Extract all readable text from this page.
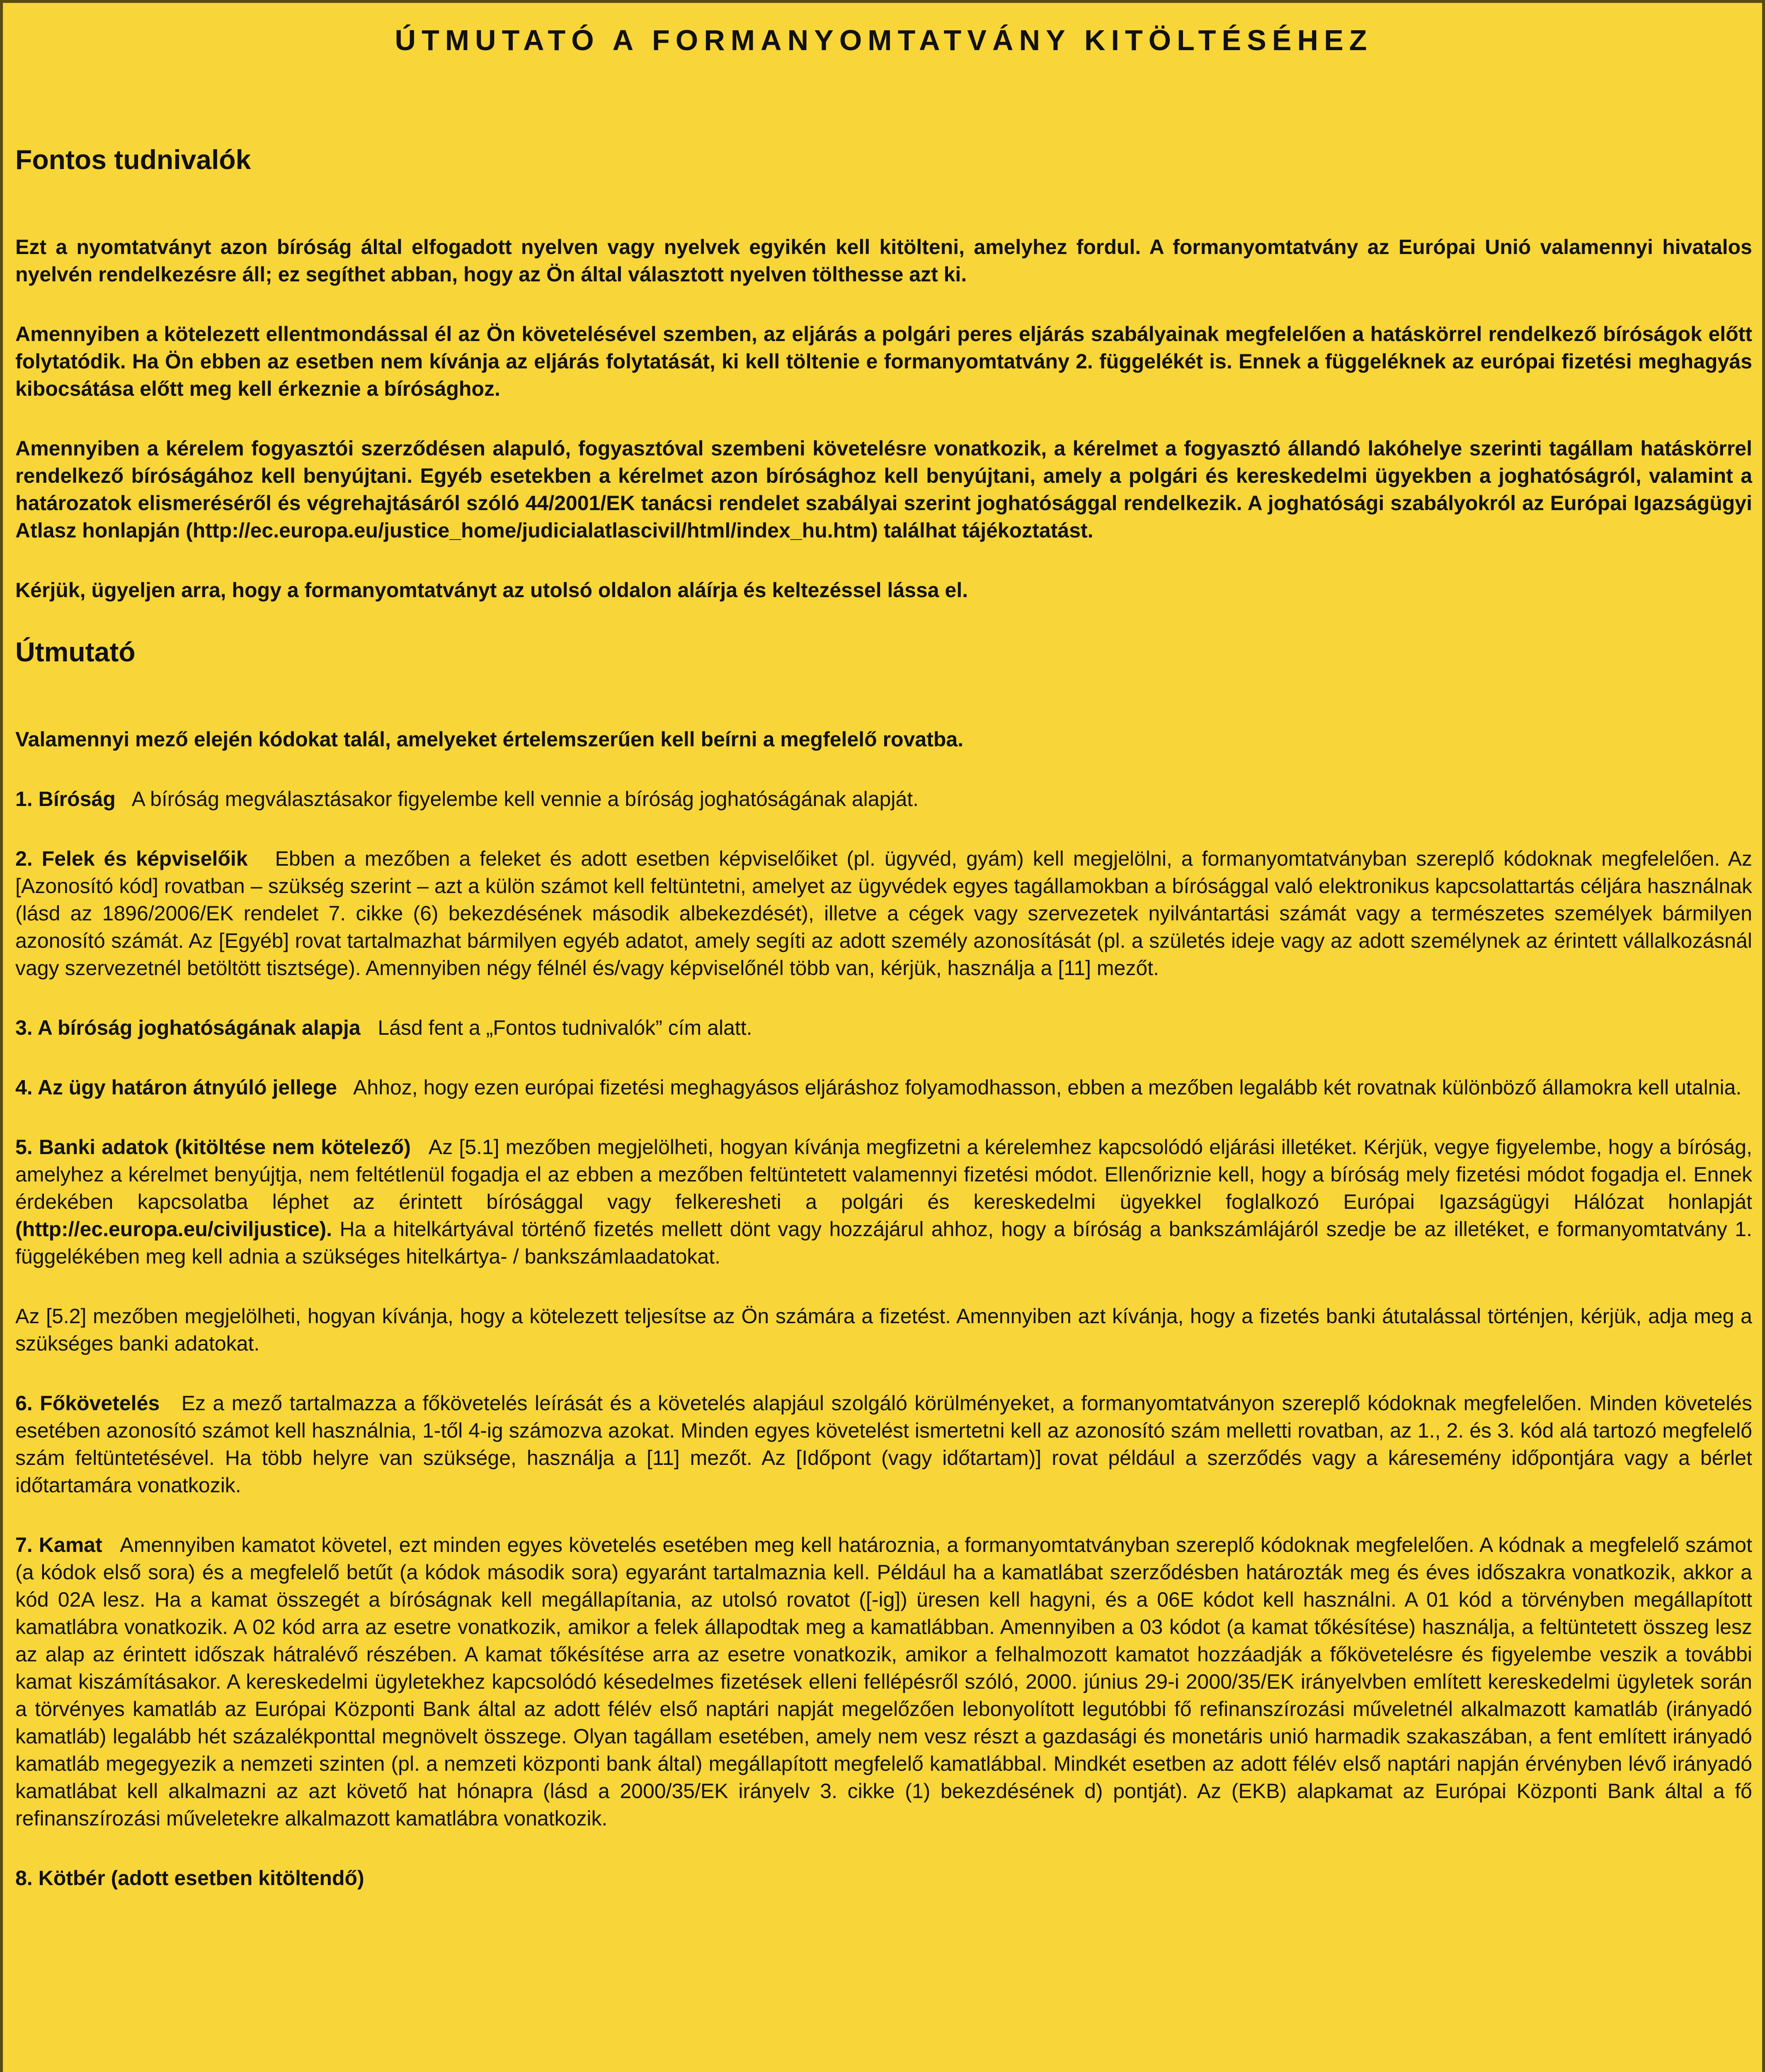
ÚTMUTATÓ A FORMANYOMTATVÁNY KITÖLTÉSÉHEZ
Fontos tudnivalók

Ezt a nyomtatványt azon bíróság által elfogadott nyelven vagy nyelvek egyikén kell kitölteni, amelyhez fordul. A formanyomtatvány az Európai Unió valamennyi hivatalos nyelvén rendelkezésre áll; ez segíthet abban, hogy az Ön által választott nyelven tölthesse azt ki.

Amennyiben a kötelezett ellentmondással él az Ön követelésével szemben, az eljárás a polgári peres eljárás szabályainak megfelelően a hatáskörrel rendelkező bíróságok előtt folytatódik. Ha Ön ebben az esetben nem kívánja az eljárás folytatását, ki kell töltenie e formanyomtatvány 2. függelékét is. Ennek a függeléknek az európai fizetési meghagyás kibocsátása előtt meg kell érkeznie a bírósághoz.

Amennyiben a kérelem fogyasztói szerződésen alapuló, fogyasztóval szembeni követelésre vonatkozik, a kérelmet a fogyasztó állandó lakóhelye szerinti tagállam hatáskörrel rendelkező bíróságához kell benyújtani. Egyéb esetekben a kérelmet azon bírósághoz kell benyújtani, amely a polgári és kereskedelmi ügyekben a joghatóságról, valamint a határozatok elismeréséről és végrehajtásáról szóló 44/2001/EK tanácsi rendelet szabályai szerint joghatósággal rendelkezik. A joghatósági szabályokról az Európai Igazságügyi Atlasz honlapján (http://ec.europa.eu/justice_home/judicialatlascivil/html/index_hu.htm) találhat tájékoztatást.

Kérjük, ügyeljen arra, hogy a formanyomtatványt az utolsó oldalon aláírja és keltezéssel lássa el.

Útmutató

Valamennyi mező elején kódokat talál, amelyeket értelemszerűen kell beírni a megfelelő rovatba.

1. Bíróság A bíróság megválasztásakor figyelembe kell vennie a bíróság joghatóságának alapját.

2. Felek és képviselőik Ebben a mezőben a feleket és adott esetben képviselőiket (pl. ügyvéd, gyám) kell megjelölni, a formanyomtatványban szereplő kódoknak megfelelően. Az [Azonosító kód] rovatban – szükség szerint – azt a külön számot kell feltüntetni, amelyet az ügyvédek egyes tagállamokban a bírósággal való elektronikus kapcsolattartás céljára használnak (lásd az 1896/2006/EK rendelet 7. cikke (6) bekezdésének második albekezdését), illetve a cégek vagy szervezetek nyilvántartási számát vagy a természetes személyek bármilyen azonosító számát. Az [Egyéb] rovat tartalmazhat bármilyen egyéb adatot, amely segíti az adott személy azonosítását (pl. a születés ideje vagy az adott személynek az érintett vállalkozásnál vagy szervezetnél betöltött tisztsége). Amennyiben négy félnél és/vagy képviselőnél több van, kérjük, használja a [11] mezőt.

3. A bíróság joghatóságának alapja Lásd fent a „Fontos tudnivalók” cím alatt.

4. Az ügy határon átnyúló jellege Ahhoz, hogy ezen európai fizetési meghagyásos eljáráshoz folyamodhasson, ebben a mezőben legalább két rovatnak különböző államokra kell utalnia.

5. Banki adatok (kitöltése nem kötelező) Az [5.1] mezőben megjelölheti, hogyan kívánja megfizetni a kérelemhez kapcsolódó eljárási illetéket. Kérjük, vegye figyelembe, hogy a bíróság, amelyhez a kérelmet benyújtja, nem feltétlenül fogadja el az ebben a mezőben feltüntetett valamennyi fizetési módot. Ellenőriznie kell, hogy a bíróság mely fizetési módot fogadja el. Ennek érdekében kapcsolatba léphet az érintett bírósággal vagy felkeresheti a polgári és kereskedelmi ügyekkel foglalkozó Európai Igazságügyi Hálózat honlapját (http://ec.europa.eu/civiljustice). Ha a hitelkártyával történő fizetés mellett dönt vagy hozzájárul ahhoz, hogy a bíróság a bankszámlájáról szedje be az illetéket, e formanyomtatvány 1. függelékében meg kell adnia a szükséges hitelkártya- / bankszámlaadatokat.

Az [5.2] mezőben megjelölheti, hogyan kívánja, hogy a kötelezett teljesítse az Ön számára a fizetést. Amennyiben azt kívánja, hogy a fizetés banki átutalással történjen, kérjük, adja meg a szükséges banki adatokat.

6. Főkövetelés Ez a mező tartalmazza a főkövetelés leírását és a követelés alapjául szolgáló körülményeket, a formanyomtatványon szereplő kódoknak megfelelően. Minden követelés esetében azonosító számot kell használnia, 1-től 4-ig számozva azokat. Minden egyes követelést ismertetni kell az azonosító szám melletti rovatban, az 1., 2. és 3. kód alá tartozó megfelelő szám feltüntetésével. Ha több helyre van szüksége, használja a [11] mezőt. Az [Időpont (vagy időtartam)] rovat például a szerződés vagy a káresemény időpontjára vagy a bérlet időtartamára vonatkozik.

7. Kamat Amennyiben kamatot követel, ezt minden egyes követelés esetében meg kell határoznia, a formanyomtatványban szereplő kódoknak megfelelően. A kódnak a megfelelő számot (a kódok első sora) és a megfelelő betűt (a kódok második sora) egyaránt tartalmaznia kell. Például ha a kamatlábat szerződésben határozták meg és éves időszakra vonatkozik, akkor a kód 02A lesz. Ha a kamat összegét a bíróságnak kell megállapítania, az utolsó rovatot ([-ig]) üresen kell hagyni, és a 06E kódot kell használni. A 01 kód a törvényben megállapított kamatlábra vonatkozik. A 02 kód arra az esetre vonatkozik, amikor a felek állapodtak meg a kamatlábban. Amennyiben a 03 kódot (a kamat tőkésítése) használja, a feltüntetett összeg lesz az alap az érintett időszak hátralévő részében. A kamat tőkésítése arra az esetre vonatkozik, amikor a felhalmozott kamatot hozzáadják a főkövetelésre és figyelembe veszik a további kamat kiszámításakor. A kereskedelmi ügyletekhez kapcsolódó késedelmes fizetések elleni fellépésről szóló, 2000. június 29-i 2000/35/EK irányelvben említett kereskedelmi ügyletek során a törvényes kamatláb az Európai Központi Bank által az adott félév első naptári napját megelőzően lebonyolított legutóbbi fő refinanszírozási műveletnél alkalmazott kamatláb (irányadó kamatláb) legalább hét százalékponttal megnövelt összege. Olyan tagállam esetében, amely nem vesz részt a gazdasági és monetáris unió harmadik szakaszában, a fent említett irányadó kamatláb megegyezik a nemzeti szinten (pl. a nemzeti központi bank által) megállapított megfelelő kamatlábbal. Mindkét esetben az adott félév első naptári napján érvényben lévő irányadó kamatlábat kell alkalmazni az azt követő hat hónapra (lásd a 2000/35/EK irányelv 3. cikke (1) bekezdésének d) pontját). Az (EKB) alapkamat az Európai Központi Bank által a fő refinanszírozási műveletekre alkalmazott kamatlábra vonatkozik.

8. Kötbér (adott esetben kitöltendő)
